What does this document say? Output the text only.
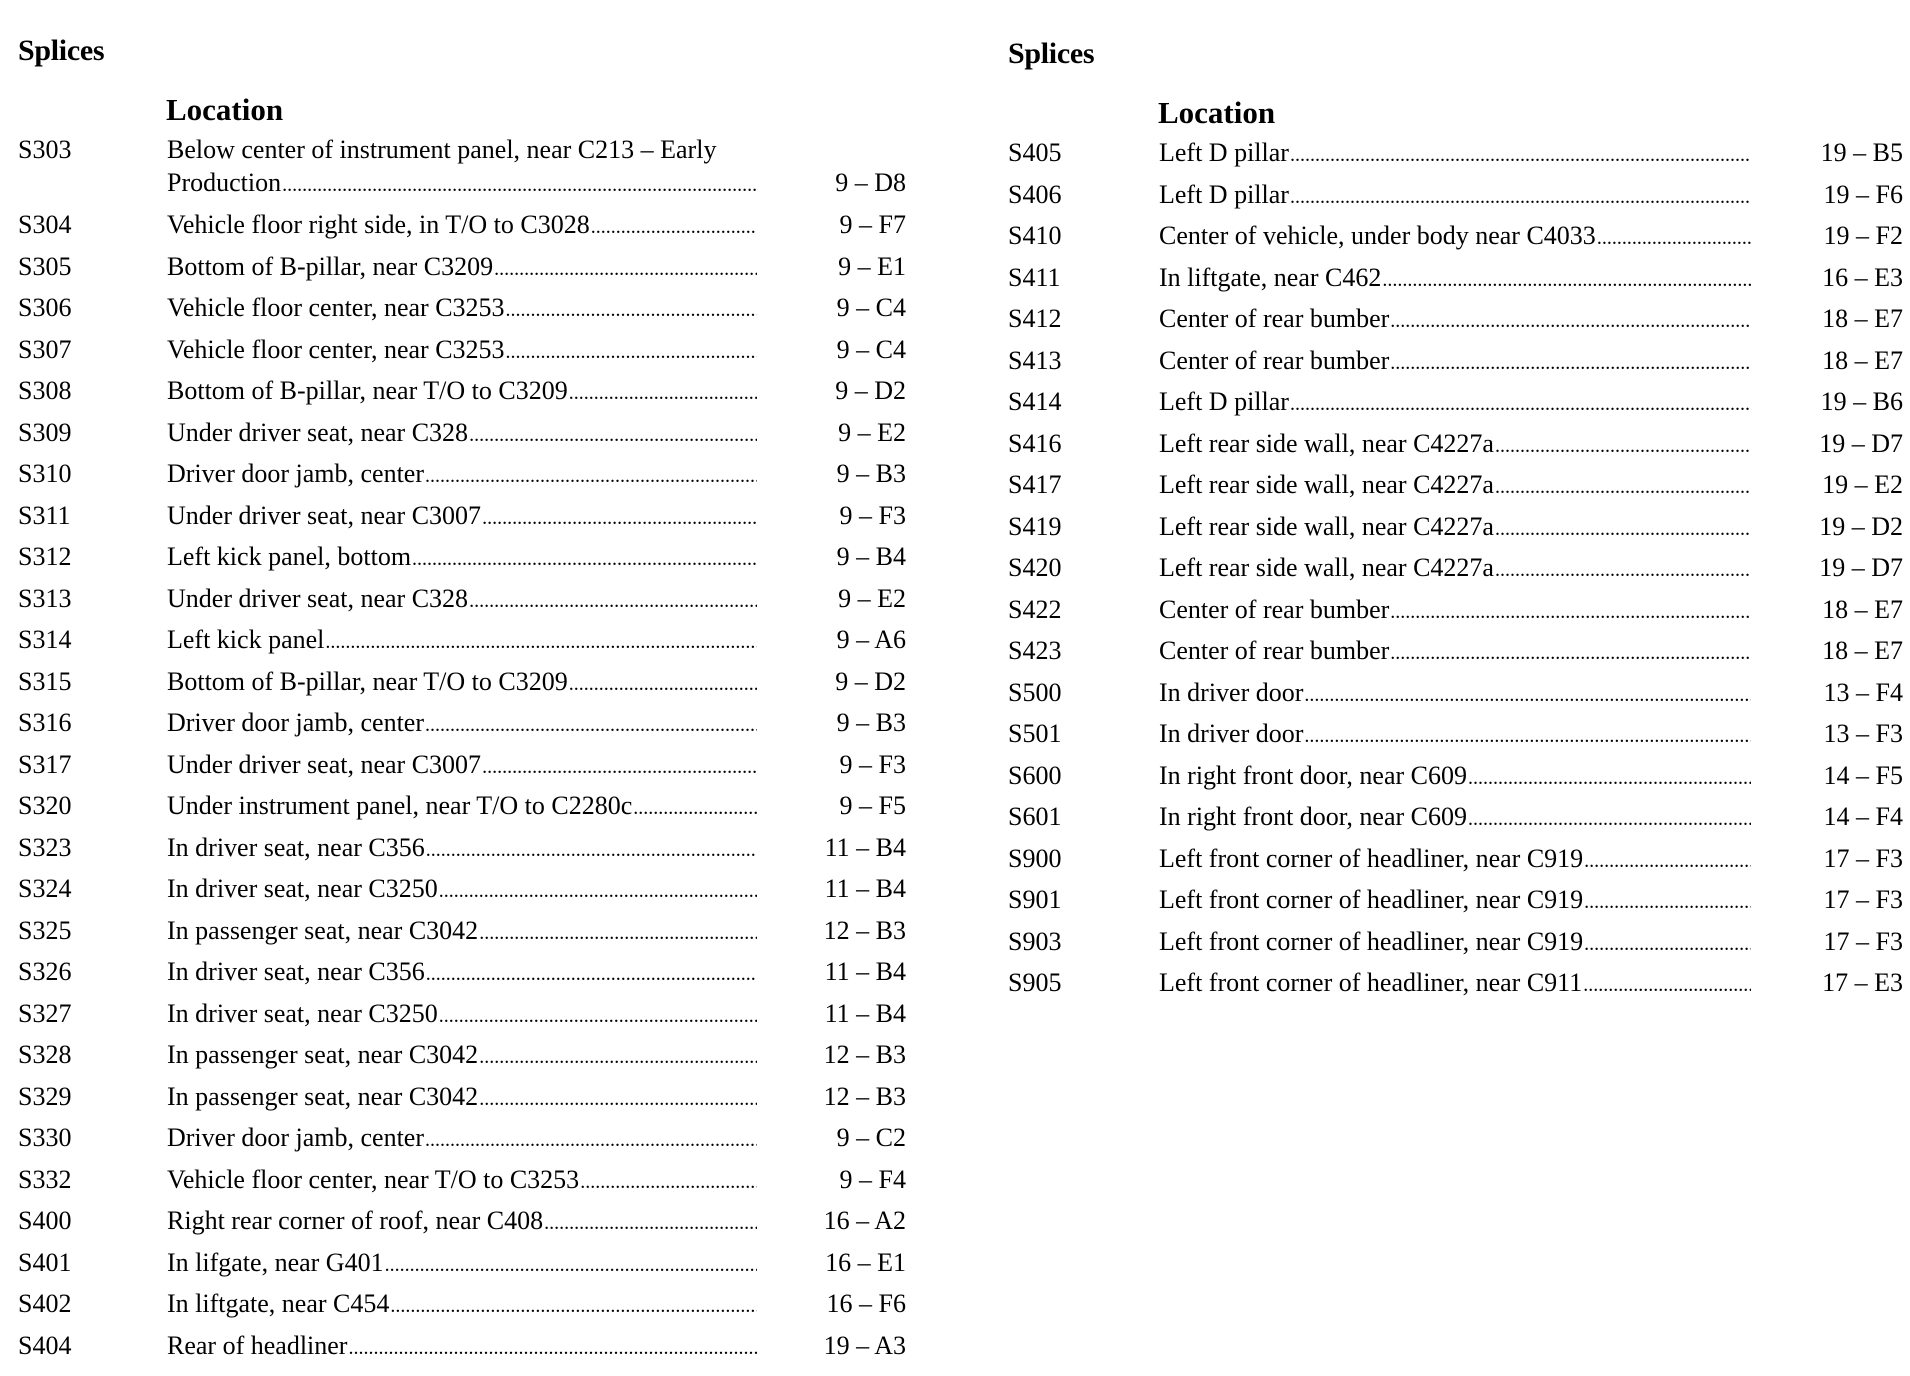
Splices
Location
S303	Below center of instrument panel, near C213 – Early
Production .....	9 – D8
S304	Vehicle floor right side, in T/O to C3028 .....	9 – F7
S305	Bottom of B-pillar, near C3209 .....	9 – E1
S306	Vehicle floor center, near C3253 .....	9 – C4
S307	Vehicle floor center, near C3253 .....	9 – C4
S308	Bottom of B-pillar, near T/O to C3209 .....	9 – D2
S309	Under driver seat, near C328 .....	9 – E2
S310	Driver door jamb, center .....	9 – B3
S311	Under driver seat, near C3007 .....	9 – F3
S312	Left kick panel, bottom .....	9 – B4
S313	Under driver seat, near C328 .....	9 – E2
S314	Left kick panel .....	9 – A6
S315	Bottom of B-pillar, near T/O to C3209 .....	9 – D2
S316	Driver door jamb, center .....	9 – B3
S317	Under driver seat, near C3007 .....	9 – F3
S320	Under instrument panel, near T/O to C2280c .....	9 – F5
S323	In driver seat, near C356 .....	11 – B4
S324	In driver seat, near C3250 .....	11 – B4
S325	In passenger seat, near C3042 .....	12 – B3
S326	In driver seat, near C356 .....	11 – B4
S327	In driver seat, near C3250 .....	11 – B4
S328	In passenger seat, near C3042 .....	12 – B3
S329	In passenger seat, near C3042 .....	12 – B3
S330	Driver door jamb, center .....	9 – C2
S332	Vehicle floor center, near T/O to C3253 .....	9 – F4
S400	Right rear corner of roof, near C408 .....	16 – A2
S401	In lifgate, near G401 .....	16 – E1
S402	In liftgate, near C454 .....	16 – F6
S404	Rear of headliner .....	19 – A3
Splices
Location
S405	Left D pillar .....	19 – B5
S406	Left D pillar .....	19 – F6
S410	Center of vehicle, under body near C4033 .....	19 – F2
S411	In liftgate, near C462 .....	16 – E3
S412	Center of rear bumber .....	18 – E7
S413	Center of rear bumber .....	18 – E7
S414	Left D pillar .....	19 – B6
S416	Left rear side wall, near C4227a .....	19 – D7
S417	Left rear side wall, near C4227a .....	19 – E2
S419	Left rear side wall, near C4227a .....	19 – D2
S420	Left rear side wall, near C4227a .....	19 – D7
S422	Center of rear bumber .....	18 – E7
S423	Center of rear bumber .....	18 – E7
S500	In driver door .....	13 – F4
S501	In driver door .....	13 – F3
S600	In right front door, near C609 .....	14 – F5
S601	In right front door, near C609 .....	14 – F4
S900	Left front corner of headliner, near C919 .....	17 – F3
S901	Left front corner of headliner, near C919 .....	17 – F3
S903	Left front corner of headliner, near C919 .....	17 – F3
S905	Left front corner of headliner, near C911 .....	17 – E3
